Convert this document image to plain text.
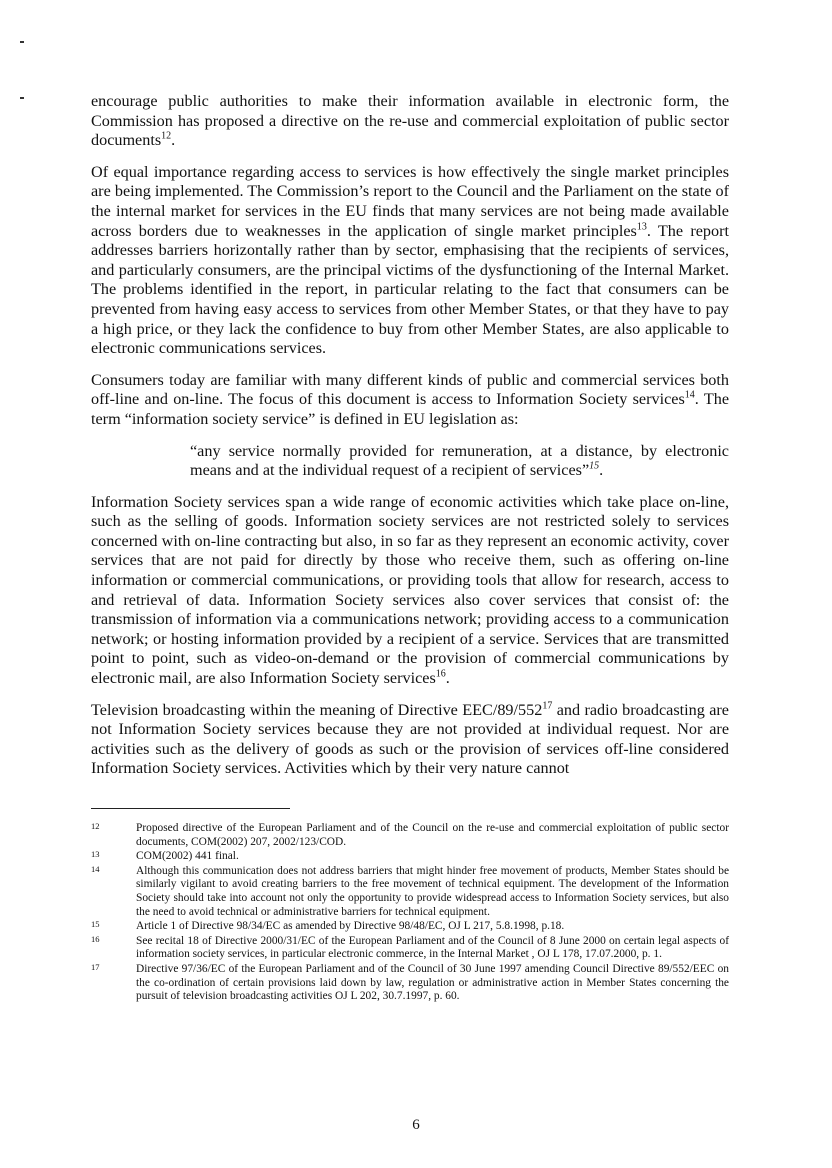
encourage public authorities to make their information available in electronic form, the Commission has proposed a directive on the re-use and commercial exploitation of public sector documents$^{12}$.

Of equal importance regarding access to services is how effectively the single market principles are being implemented. The Commission’s report to the Council and the Parliament on the state of the internal market for services in the EU finds that many services are not being made available across borders due to weaknesses in the application of single market principles$^{13}$. The report addresses barriers horizontally rather than by sector, emphasising that the recipients of services, and particularly consumers, are the principal victims of the dysfunctioning of the Internal Market. The problems identified in the report, in particular relating to the fact that consumers can be prevented from having easy access to services from other Member States, or that they have to pay a high price, or they lack the confidence to buy from other Member States, are also applicable to electronic communications services.

Consumers today are familiar with many different kinds of public and commercial services both off-line and on-line. The focus of this document is access to Information Society services$^{14}$. The term “information society service” is defined in EU legislation as:

“any service normally provided for remuneration, at a distance, by electronic means and at the individual request of a recipient of services”$^{15}$.

Information Society services span a wide range of economic activities which take place on-line, such as the selling of goods. Information society services are not restricted solely to services concerned with on-line contracting but also, in so far as they represent an economic activity, cover services that are not paid for directly by those who receive them, such as offering on-line information or commercial communications, or providing tools that allow for research, access to and retrieval of data. Information Society services also cover services that consist of: the transmission of information via a communications network; providing access to a communication network; or hosting information provided by a recipient of a service. Services that are transmitted point to point, such as video-on-demand or the provision of commercial communications by electronic mail, are also Information Society services$^{16}$.

Television broadcasting within the meaning of Directive EEC/$89/552^{17}$ and radio broadcasting are not Information Society services because they are not provided at individual request. Nor are activities such as the delivery of goods as such or the provision of services off-line considered Information Society services. Activities which by their very nature cannot

12	Proposed directive of the European Parliament and of the Council on the re-use and commercial exploitation of public sector documents, COM(2002) 207, 2002/123/COD.
13	COM(2002) 441 final.
14	Although this communication does not address barriers that might hinder free movement of products, Member States should be similarly vigilant to avoid creating barriers to the free movement of technical equipment. The development of the Information Society should take into account not only the opportunity to provide widespread access to Information Society services, but also the need to avoid technical or administrative barriers for technical equipment.
15	Article 1 of Directive 98/34/EC as amended by Directive 98/48/EC, OJ L 217, 5.8.1998, p.18.
16	See recital 18 of Directive 2000/31/EC of the European Parliament and of the Council of 8 June 2000 on certain legal aspects of information society services, in particular electronic commerce, in the Internal Market , OJ L 178, 17.07.2000, p. 1.
17	Directive 97/36/EC of the European Parliament and of the Council of 30 June 1997 amending Council Directive 89/552/EEC on the co-ordination of certain provisions laid down by law, regulation or administrative action in Member States concerning the pursuit of television broadcasting activities OJ L 202, 30.7.1997, p. 60.
6
